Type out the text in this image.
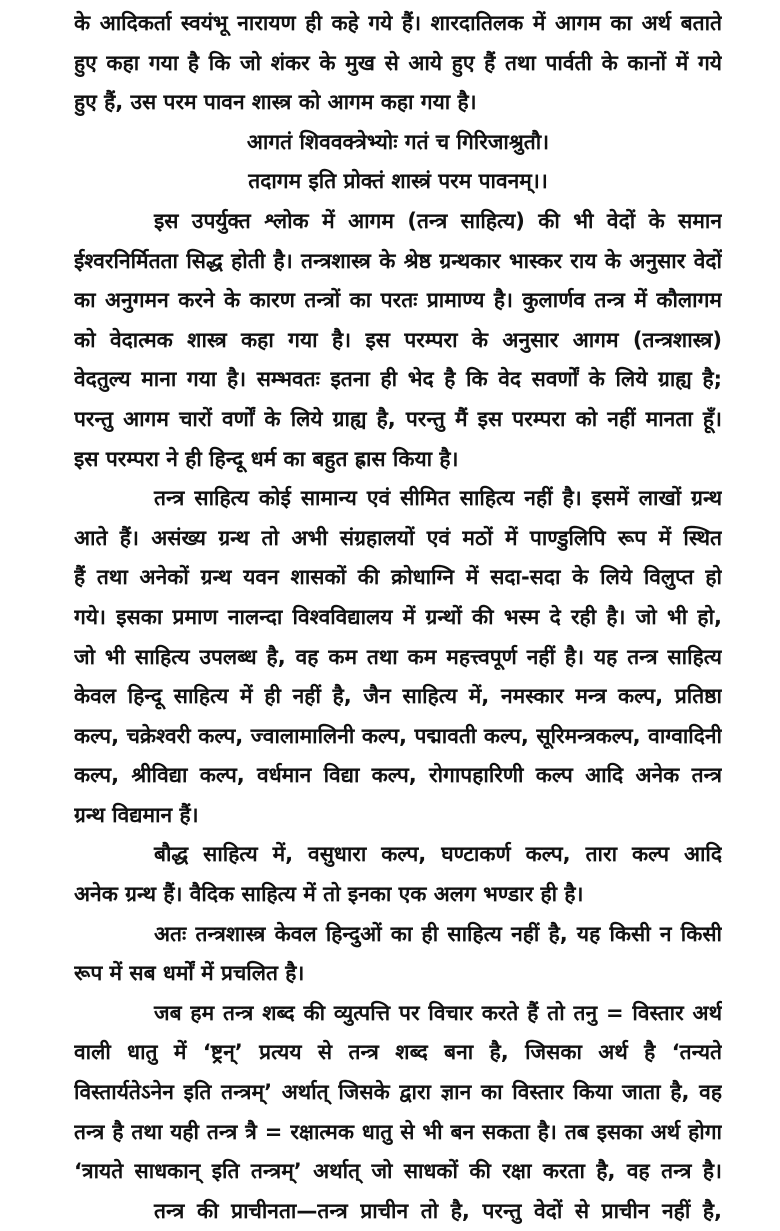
के आदिकर्ता स्वयंभू नारायण ही कहे गये हैं। शारदातिलक में आगम का अर्थ बताते
हुए कहा गया है कि जो शंकर के मुख से आये हुए हैं तथा पार्वती के कानों में गये
हुए हैं, उस परम पावन शास्त्र को आगम कहा गया है।
आगतं शिववक्त्रेभ्योः गतं च गिरिजाश्रुतौ।
तदागम इति प्रोक्तं शास्त्रं परम पावनम्।।
इस उपर्युक्त श्लोक में आगम (तन्त्र साहित्य) की भी वेदों के समान
ईश्वरनिर्मितता सिद्ध होती है। तन्त्रशास्त्र के श्रेष्ठ ग्रन्थकार भास्कर राय के अनुसार वेदों
का अनुगमन करने के कारण तन्त्रों का परतः प्रामाण्य है। कुलार्णव तन्त्र में कौलागम
को वेदात्मक शास्त्र कहा गया है। इस परम्परा के अनुसार आगम (तन्त्रशास्त्र)
वेदतुल्य माना गया है। सम्भवतः इतना ही भेद है कि वेद सवर्णों के लिये ग्राह्य है;
परन्तु आगम चारों वर्णों के लिये ग्राह्य है, परन्तु मैं इस परम्परा को नहीं मानता हूँ।
इस परम्परा ने ही हिन्दू धर्म का बहुत ह्रास किया है।
तन्त्र साहित्य कोई सामान्य एवं सीमित साहित्य नहीं है। इसमें लाखों ग्रन्थ
आते हैं। असंख्य ग्रन्थ तो अभी संग्रहालयों एवं मठों में पाण्डुलिपि रूप में स्थित
हैं तथा अनेकों ग्रन्थ यवन शासकों की क्रोधाग्नि में सदा-सदा के लिये विलुप्त हो
गये। इसका प्रमाण नालन्दा विश्वविद्यालय में ग्रन्थों की भस्म दे रही है। जो भी हो,
जो भी साहित्य उपलब्ध है, वह कम तथा कम महत्त्वपूर्ण नहीं है। यह तन्त्र साहित्य
केवल हिन्दू साहित्य में ही नहीं है, जैन साहित्य में, नमस्कार मन्त्र कल्प, प्रतिष्ठा
कल्प, चक्रेश्वरी कल्प, ज्वालामालिनी कल्प, पद्मावती कल्प, सूरिमन्त्रकल्प, वाग्वादिनी
कल्प, श्रीविद्या कल्प, वर्धमान विद्या कल्प, रोगापहारिणी कल्प आदि अनेक तन्त्र
ग्रन्थ विद्यमान हैं।
बौद्ध साहित्य में, वसुधारा कल्प, घण्टाकर्ण कल्प, तारा कल्प आदि
अनेक ग्रन्थ हैं। वैदिक साहित्य में तो इनका एक अलग भण्डार ही है।
अतः तन्त्रशास्त्र केवल हिन्दुओं का ही साहित्य नहीं है, यह किसी न किसी
रूप में सब धर्मों में प्रचलित है।
जब हम तन्त्र शब्द की व्युत्पत्ति पर विचार करते हैं तो तनु = विस्तार अर्थ
वाली धातु में ‘ष्ट्रन्’ प्रत्यय से तन्त्र शब्द बना है, जिसका अर्थ है ‘तन्यते
विस्तार्यतेऽनेन इति तन्त्रम्’ अर्थात् जिसके द्वारा ज्ञान का विस्तार किया जाता है, वह
तन्त्र है तथा यही तन्त्र त्रै = रक्षात्मक धातु से भी बन सकता है। तब इसका अर्थ होगा
‘त्रायते साधकान् इति तन्त्रम्’ अर्थात् जो साधकों की रक्षा करता है, वह तन्त्र है।
तन्त्र की प्राचीनता—तन्त्र प्राचीन तो है, परन्तु वेदों से प्राचीन नहीं है,
